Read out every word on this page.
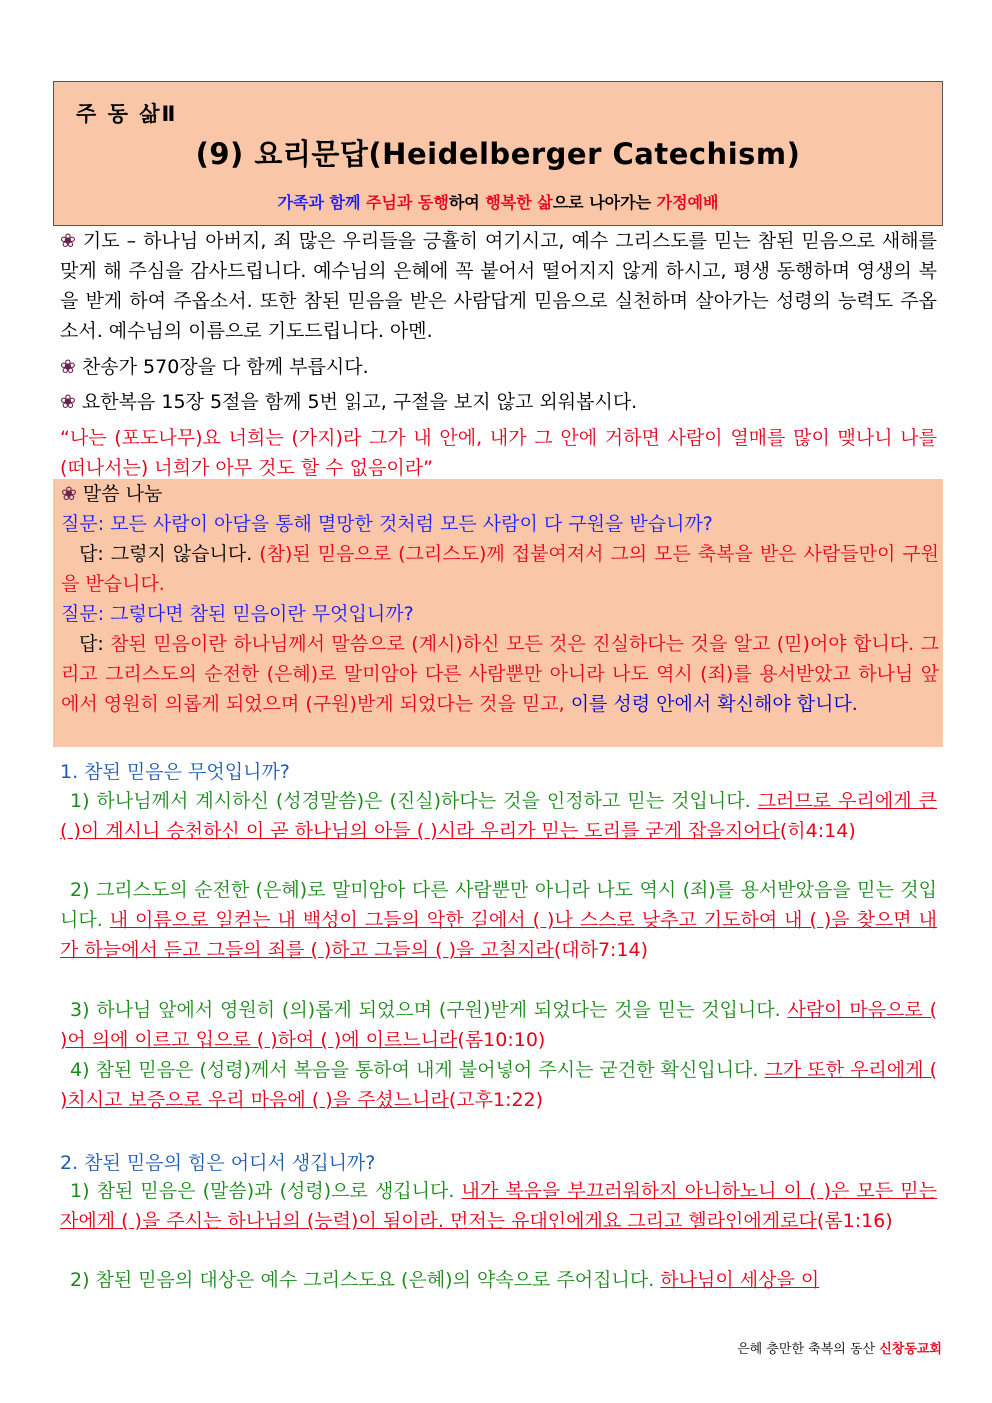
주 동 삶Ⅱ
(9) 요리문답(Heidelberger Catechism)
가족과 함께 주님과 동행하여 행복한 삶으로 나아가는 가정예배
❀ 기도 – 하나님 아버지, 죄 많은 우리들을 긍휼히 여기시고, 예수 그리스도를 믿는 참된 믿음으로 새해를 맞게 해 주심을 감사드립니다. 예수님의 은혜에 꼭 붙어서 떨어지지 않게 하시고, 평생 동행하며 영생의 복을 받게 하여 주옵소서. 또한 참된 믿음을 받은 사람답게 믿음으로 실천하며 살아가는 성령의 능력도 주옵소서. 예수님의 이름으로 기도드립니다. 아멘.
❀ 찬송가 570장을 다 함께 부릅시다.
❀ 요한복음 15장 5절을 함께 5번 읽고, 구절을 보지 않고 외워봅시다.
“나는 (포도나무)요 너희는 (가지)라 그가 내 안에, 내가 그 안에 거하면 사람이 열매를 많이 맺나니 나를 (떠나서는) 너희가 아무 것도 할 수 없음이라”
❀ 말씀 나눔
질문: 모든 사람이 아담을 통해 멸망한 것처럼 모든 사람이 다 구원을 받습니까?
답: 그렇지 않습니다. (참)된 믿음으로 (그리스도)께 접붙여져서 그의 모든 축복을 받은 사람들만이 구원을 받습니다.
질문: 그렇다면 참된 믿음이란 무엇입니까?
답: 참된 믿음이란 하나님께서 말씀으로 (계시)하신 모든 것은 진실하다는 것을 알고 (믿)어야 합니다. 그리고 그리스도의 순전한 (은혜)로 말미암아 다른 사람뿐만 아니라 나도 역시 (죄)를 용서받았고 하나님 앞에서 영원히 의롭게 되었으며 (구원)받게 되었다는 것을 믿고, 이를 성령 안에서 확신해야 합니다.
1. 참된 믿음은 무엇입니까?
1) 하나님께서 계시하신 (성경말씀)은 (진실)하다는 것을 인정하고 믿는 것입니다. 그러므로 우리에게 큰 ( )이 계시니 승천하신 이 곧 하나님의 아들 ( )시라 우리가 믿는 도리를 굳게 잡을지어다(히4:14)
2) 그리스도의 순전한 (은혜)로 말미암아 다른 사람뿐만 아니라 나도 역시 (죄)를 용서받았음을 믿는 것입니다. 내 이름으로 일컫는 내 백성이 그들의 악한 길에서 ( )나 스스로 낮추고 기도하여 내 ( )을 찾으면 내가 하늘에서 듣고 그들의 죄를 ( )하고 그들의 ( )을 고칠지라(대하7:14)
3) 하나님 앞에서 영원히 (의)롭게 되었으며 (구원)받게 되었다는 것을 믿는 것입니다. 사람이 마음으로 ( )어 의에 이르고 입으로 ( )하여 ( )에 이르느니라(롬10:10)
4) 참된 믿음은 (성령)께서 복음을 통하여 내게 불어넣어 주시는 굳건한 확신입니다. 그가 또한 우리에게 ( )치시고 보증으로 우리 마음에 ( )을 주셨느니라(고후1:22)
2. 참된 믿음의 힘은 어디서 생깁니까?
1) 참된 믿음은 (말씀)과 (성령)으로 생깁니다. 내가 복음을 부끄러워하지 아니하노니 이 ( )은 모든 믿는 자에게 ( )을 주시는 하나님의 (능력)이 됨이라. 먼저는 유대인에게요 그리고 헬라인에게로다(롬1:16)
2) 참된 믿음의 대상은 예수 그리스도요 (은혜)의 약속으로 주어집니다. 하나님이 세상을 이
은혜 충만한 축복의 동산 신창동교회
